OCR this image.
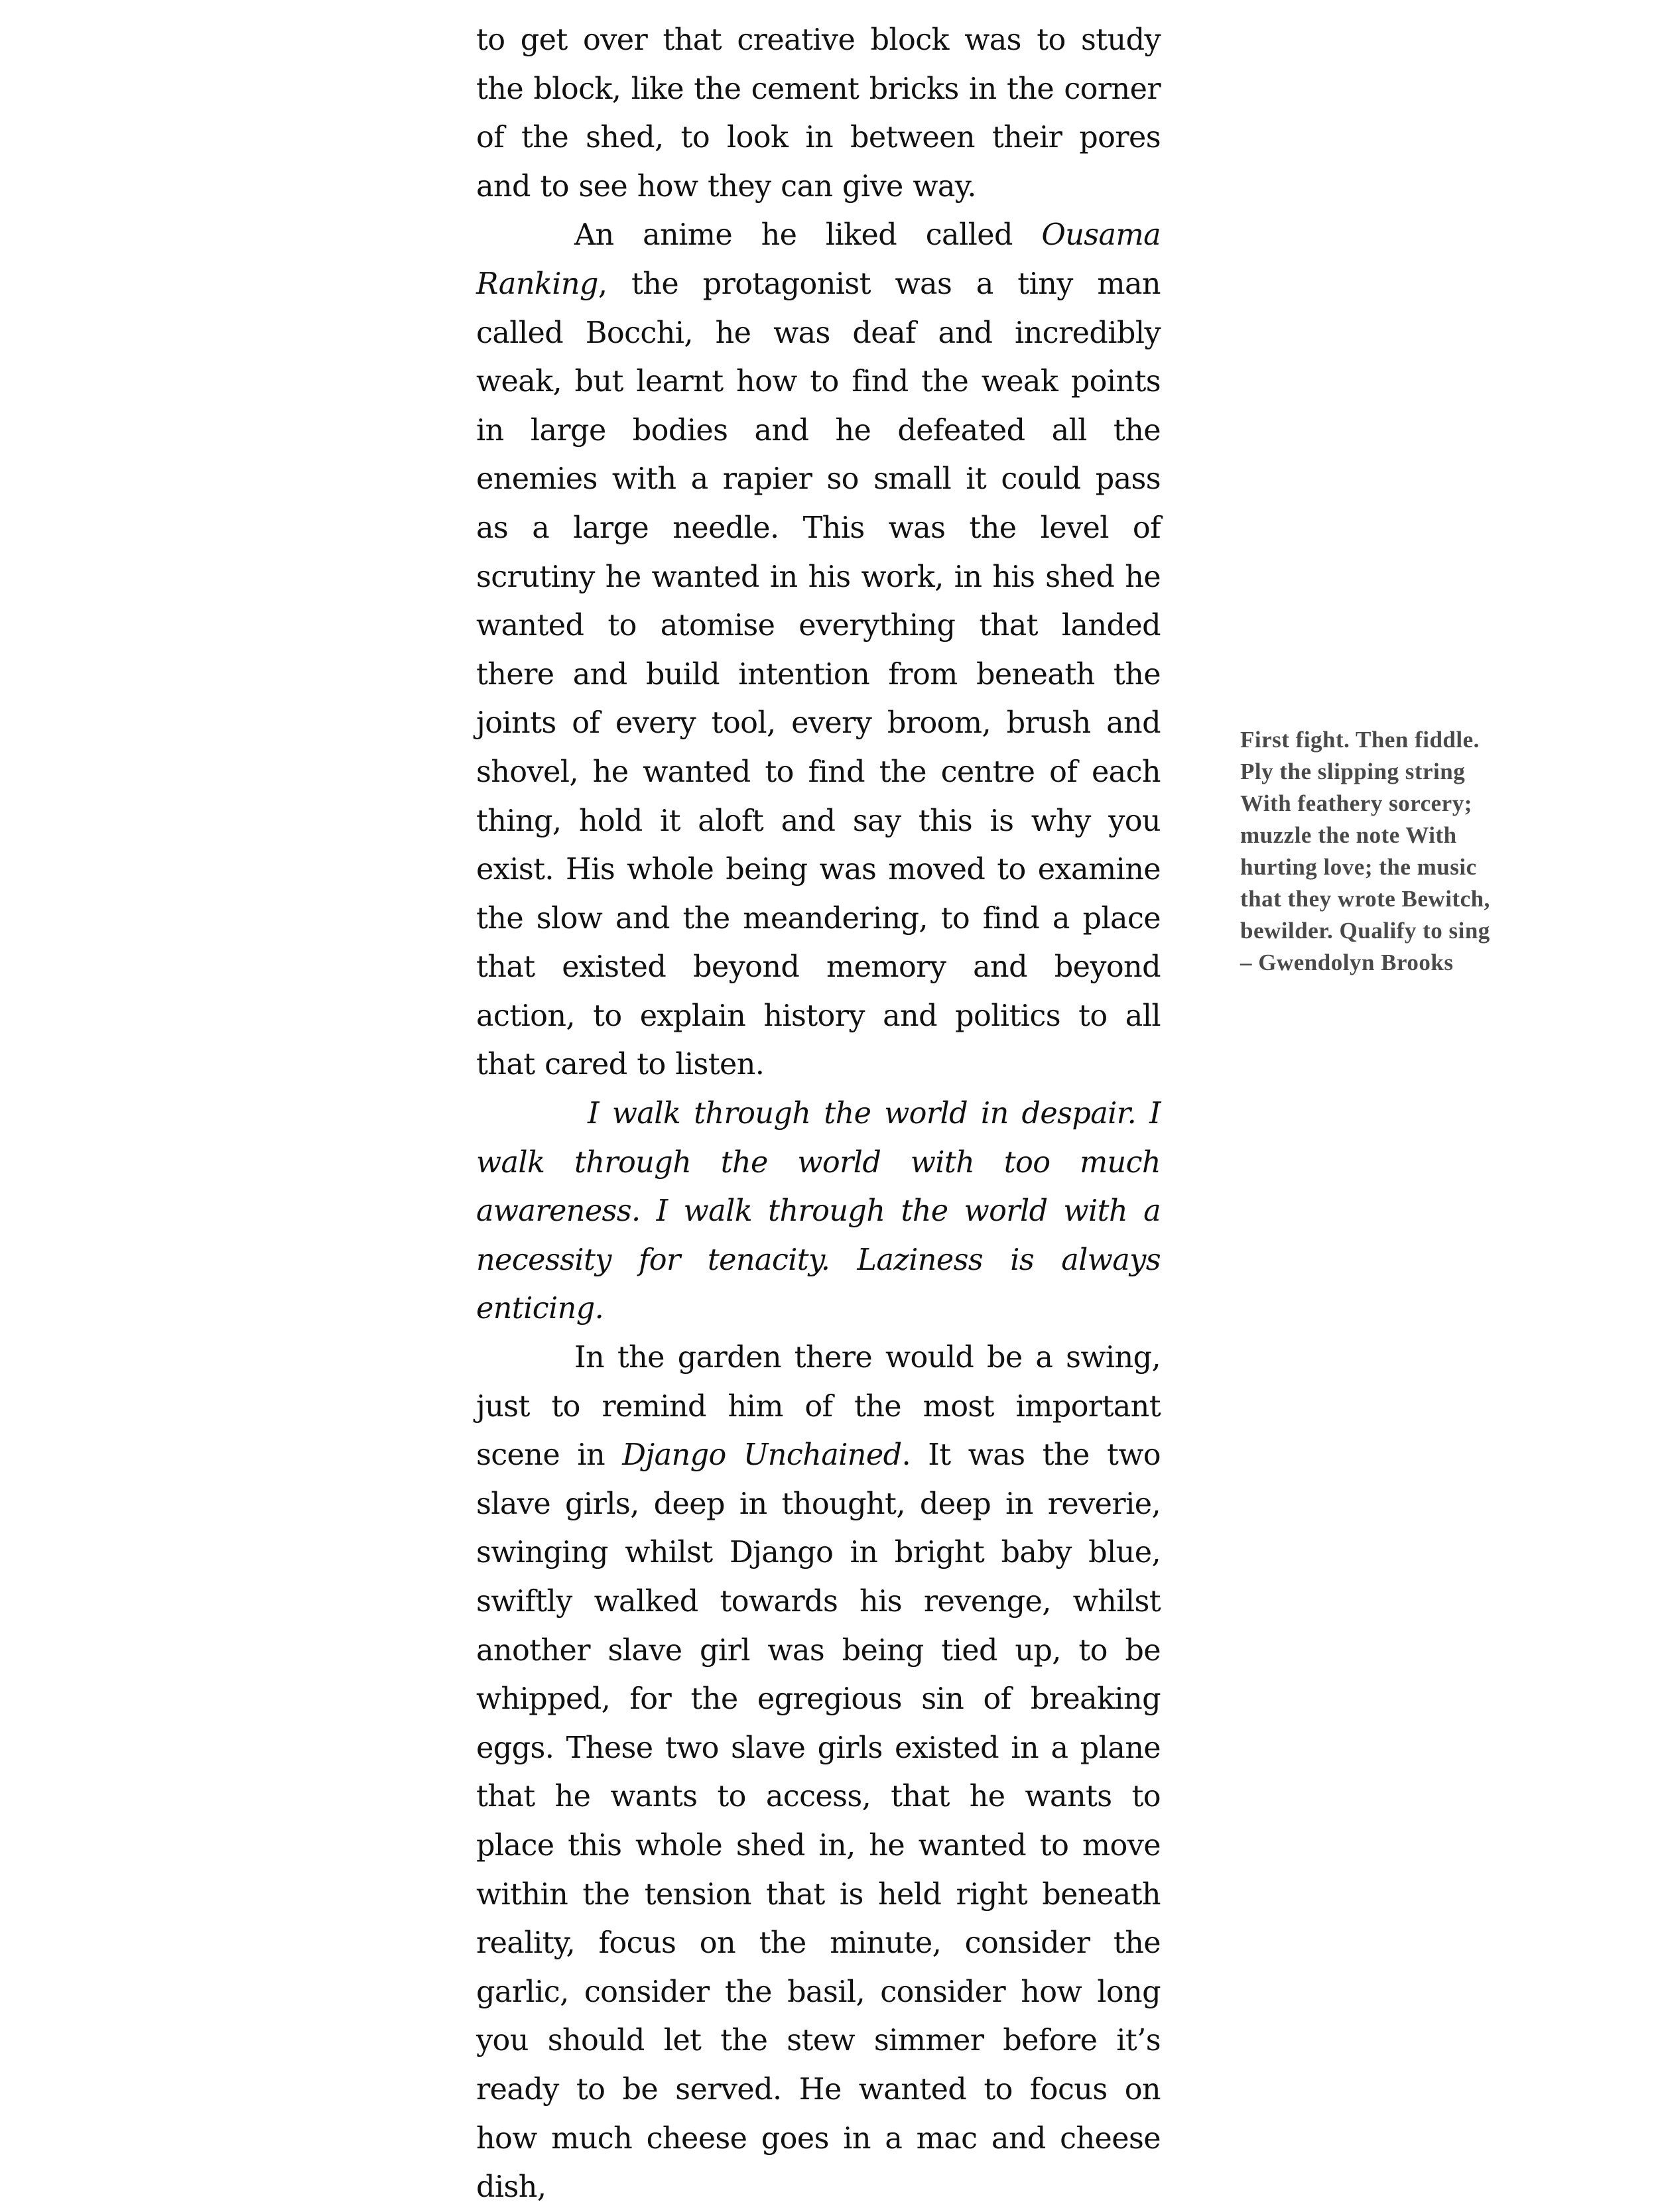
to get over that creative block was to study the block, like the cement bricks in the corner of the shed, to look in between their pores and to see how they can give way.

An anime he liked called Ousama Ranking, the protagonist was a tiny man called Bocchi, he was deaf and incredibly weak, but learnt how to find the weak points in large bodies and he defeated all the enemies with a rapier so small it could pass as a large needle. This was the level of scrutiny he wanted in his work, in his shed he wanted to atomise everything that landed there and build intention from beneath the joints of every tool, every broom, brush and shovel, he wanted to find the centre of each thing, hold it aloft and say this is why you exist. His whole being was moved to examine the slow and the meandering, to find a place that existed beyond memory and beyond action, to explain history and politics to all that cared to listen.

I walk through the world in despair. I walk through the world with too much awareness. I walk through the world with a necessity for tenacity. Laziness is always enticing.

In the garden there would be a swing, just to remind him of the most important scene in Django Unchained. It was the two slave girls, deep in thought, deep in reverie, swinging whilst Django in bright baby blue, swiftly walked towards his revenge, whilst another slave girl was being tied up, to be whipped, for the egregious sin of breaking eggs. These two slave girls existed in a plane that he wants to access, that he wants to place this whole shed in, he wanted to move within the tension that is held right beneath reality, focus on the minute, consider the garlic, consider the basil, consider how long you should let the stew simmer before it’s ready to be served. He wanted to focus on how much cheese goes in a mac and cheese dish,

First fight. Then fiddle. Ply the slipping string With feathery sorcery; muzzle the note With hurting love; the music that they wrote Bewitch, bewilder. Qualify to sing – Gwendolyn Brooks
